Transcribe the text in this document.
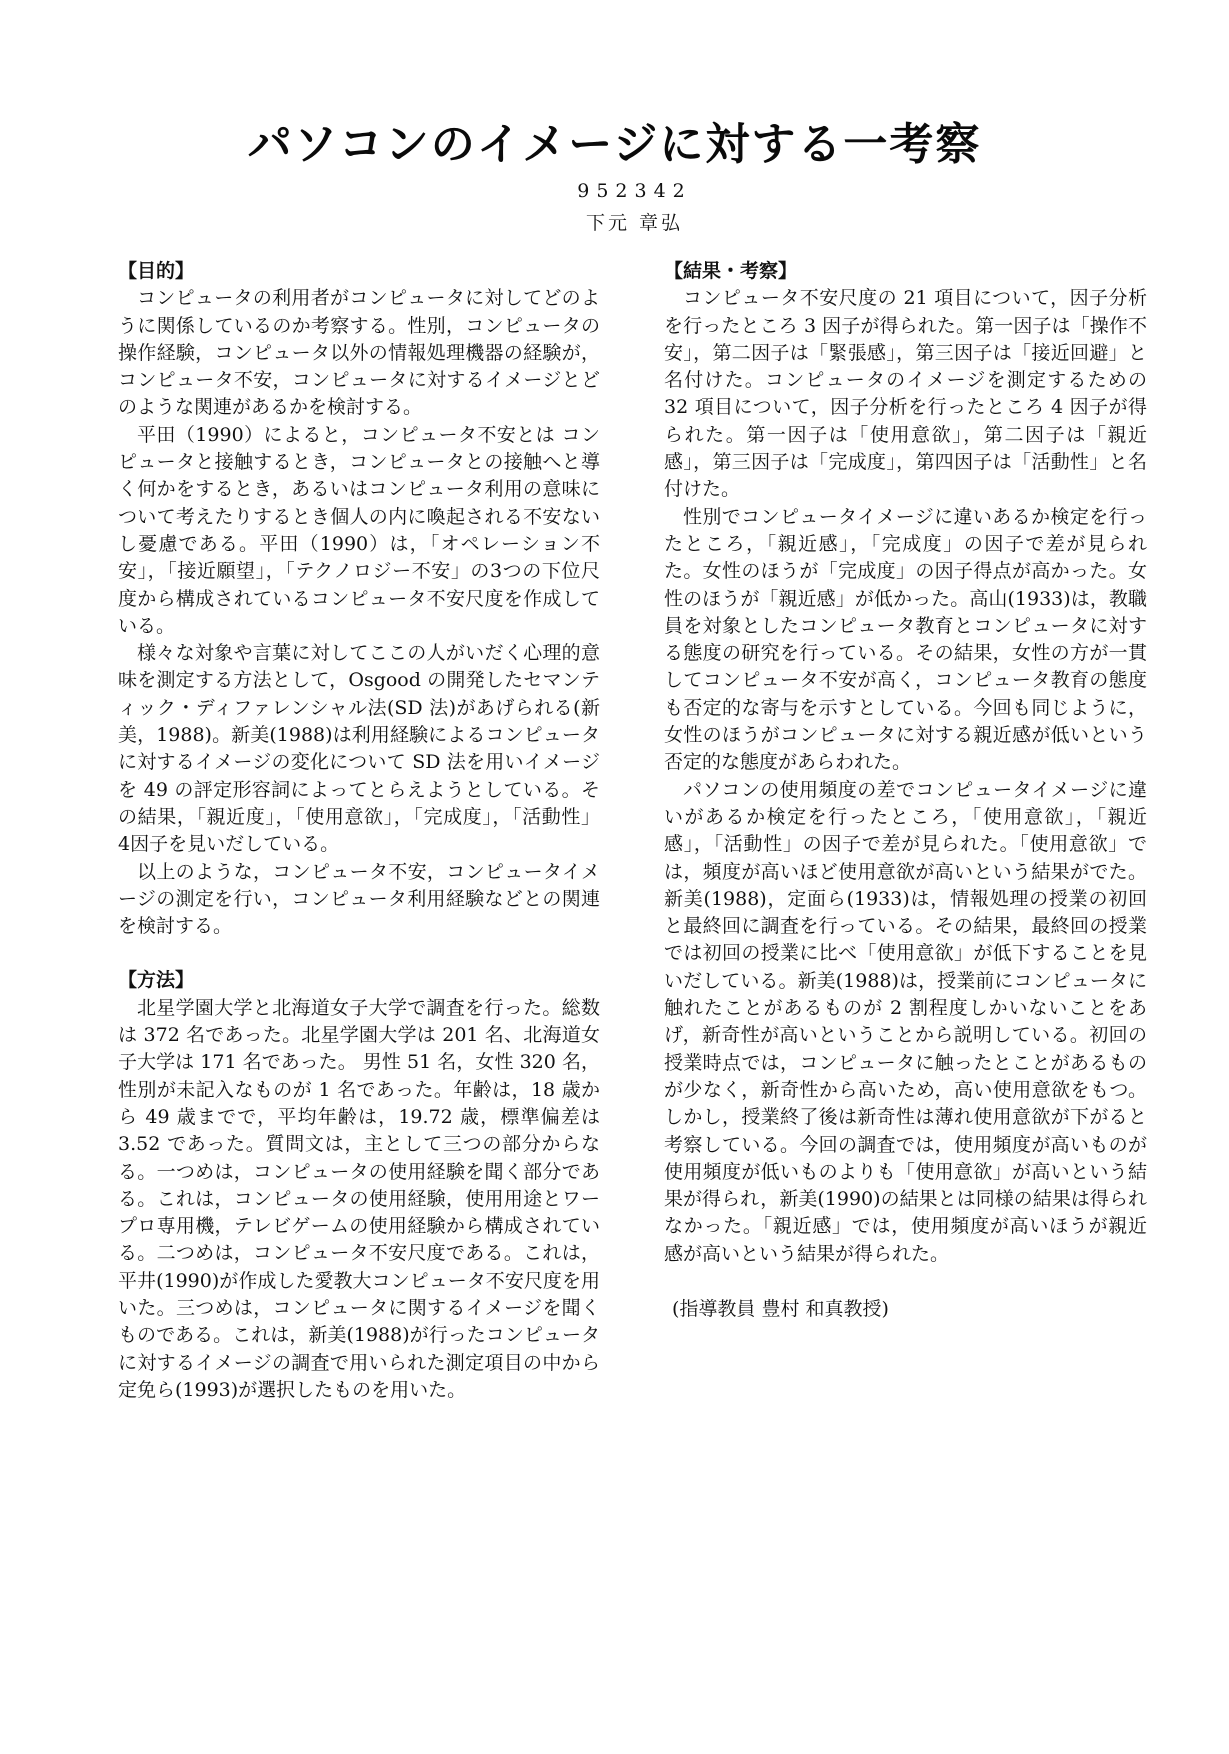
パソコンのイメージに対する一考察
952342
下元 章弘

【目的】

コンピュータの利用者がコンピュータに対してどのように関係しているのか考察する。性別，コンピュータの操作経験，コンピュータ以外の情報処理機器の経験が，コンピュータ不安，コンピュータに対するイメージとどのような関連があるかを検討する。

平田（1990）によると，コンピュータ不安とは コンピュータと接触するとき，コンピュータとの接触へと導く何かをするとき，あるいはコンピュータ利用の意味について考えたりするとき個人の内に喚起される不安ないし憂慮である。平田（1990）は，「オペレーション不安」，「接近願望」，「テクノロジー不安」の3つの下位尺度から構成されているコンピュータ不安尺度を作成している。

様々な対象や言葉に対してここの人がいだく心理的意味を測定する方法として，Osgood の開発したセマンティック・ディファレンシャル法(SD 法)があげられる(新美，1988)。新美(1988)は利用経験によるコンピュータに対するイメージの変化について SD 法を用いイメージを 49 の評定形容詞によってとらえようとしている。その結果，「親近度」，「使用意欲」，「完成度」，「活動性」 4因子を見いだしている。

以上のような，コンピュータ不安，コンピュータイメージの測定を行い，コンピュータ利用経験などとの関連を検討する。

【方法】

北星学園大学と北海道女子大学で調査を行った。総数は 372 名であった。北星学園大学は 201 名、北海道女子大学は 171 名であった。 男性 51 名，女性 320 名，性別が未記入なものが 1 名であった。年齢は，18 歳から 49 歳までで，平均年齢は，19.72 歳，標準偏差は 3.52 であった。質問文は，主として三つの部分からなる。一つめは，コンピュータの使用経験を聞く部分である。これは，コンピュータの使用経験，使用用途とワープロ専用機，テレビゲームの使用経験から構成されている。二つめは，コンピュータ不安尺度である。これは，平井(1990)が作成した愛教大コンピュータ不安尺度を用いた。三つめは，コンピュータに関するイメージを聞くものである。これは，新美(1988)が行ったコンピュータに対するイメージの調査で用いられた測定項目の中から定免ら(1993)が選択したものを用いた。

【結果・考察】

コンピュータ不安尺度の 21 項目について，因子分析を行ったところ 3 因子が得られた。第一因子は「操作不安」，第二因子は「緊張感」，第三因子は「接近回避」と名付けた。コンピュータのイメージを測定するための 32 項目について，因子分析を行ったところ 4 因子が得られた。第一因子は「使用意欲」，第二因子は「親近感」，第三因子は「完成度」，第四因子は「活動性」と名付けた。

性別でコンピュータイメージに違いあるか検定を行ったところ，「親近感」，「完成度」の因子で差が見られた。女性のほうが「完成度」の因子得点が高かった。女性のほうが「親近感」が低かった。高山(1933)は，教職員を対象としたコンピュータ教育とコンピュータに対する態度の研究を行っている。その結果，女性の方が一貫してコンピュータ不安が高く，コンピュータ教育の態度も否定的な寄与を示すとしている。今回も同じように，女性のほうがコンピュータに対する親近感が低いという否定的な態度があらわれた。

パソコンの使用頻度の差でコンピュータイメージに違いがあるか検定を行ったところ，「使用意欲」，「親近感」，「活動性」の因子で差が見られた。「使用意欲」では，頻度が高いほど使用意欲が高いという結果がでた。新美(1988)，定面ら(1933)は，情報処理の授業の初回と最終回に調査を行っている。その結果，最終回の授業では初回の授業に比べ「使用意欲」が低下することを見いだしている。新美(1988)は，授業前にコンピュータに触れたことがあるものが 2 割程度しかいないことをあげ，新奇性が高いということから説明している。初回の授業時点では，コンピュータに触ったとことがあるものが少なく，新奇性から高いため，高い使用意欲をもつ。しかし，授業終了後は新奇性は薄れ使用意欲が下がると考察している。今回の調査では，使用頻度が高いものが使用頻度が低いものよりも「使用意欲」が高いという結果が得られ，新美(1990)の結果とは同様の結果は得られなかった。「親近感」では，使用頻度が高いほうが親近感が高いという結果が得られた。

(指導教員 豊村 和真教授)
